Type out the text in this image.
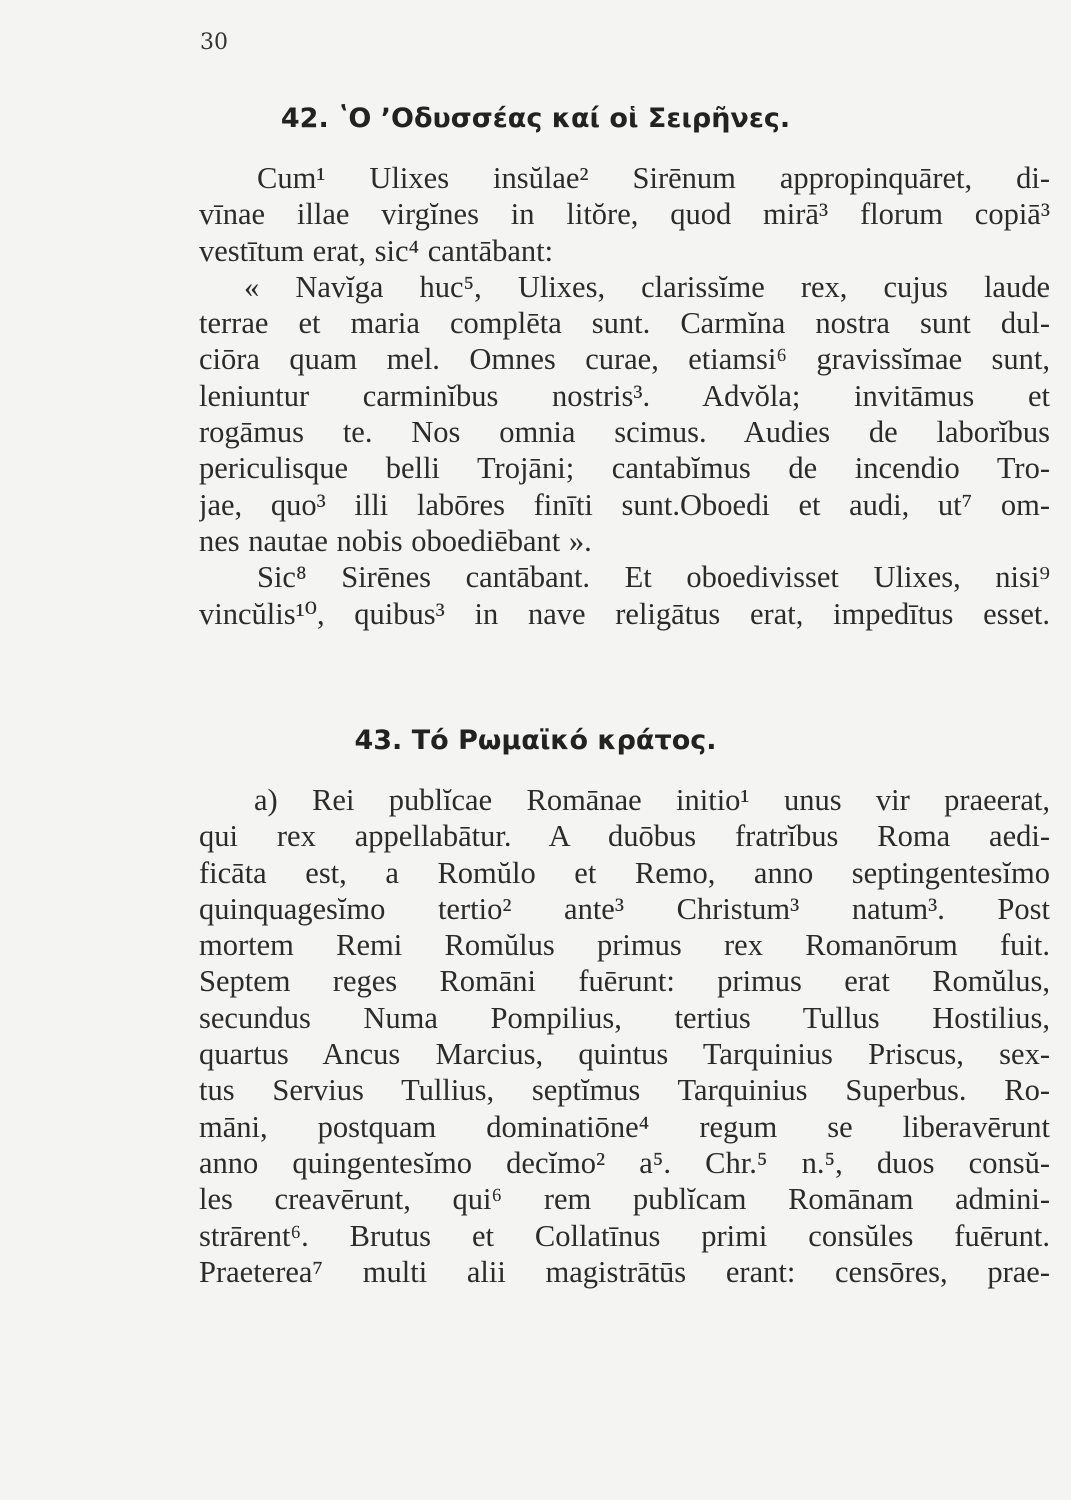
30
42. ʽΟ ʼΟδυσσέας καί οἱ Σειρῆνες.
Cum¹ Ulixes insŭlae² Sirēnum appropinquāret, di-
vīnae illae virgĭnes in litŏre, quod mirā³ florum copiā³
vestītum erat, sic⁴ cantābant:
« Navĭga huc⁵, Ulixes, clarissĭme rex, cujus laude
terrae et maria complēta sunt. Carmĭna nostra sunt dul-
ciōra quam mel. Omnes curae, etiamsi⁶ gravissĭmae sunt,
leniuntur carminĭbus nostris³. Advŏla; invitāmus et
rogāmus te. Nos omnia scimus. Audies de laborĭbus
periculisque belli Trojāni; cantabĭmus de incendio Tro-
jae, quo³ illi labōres finīti sunt.Oboedi et audi, ut⁷ om-
nes nautae nobis oboediēbant ».
Sic⁸ Sirēnes cantābant. Et oboedivisset Ulixes, nisi⁹
vincŭlis¹⁰, quibus³ in nave religātus erat, impedītus esset.
43. Τό Ρωμαϊκό κράτος.
a) Rei publĭcae Romānae initio¹ unus vir praeerat,
qui rex appellabātur. A duōbus fratrĭbus Roma aedi-
ficāta est, a Romŭlo et Remo, anno septingentesĭmo
quinquagesĭmo tertio² ante³ Christum³ natum³. Post
mortem Remi Romŭlus primus rex Romanōrum fuit.
Septem reges Romāni fuērunt: primus erat Romŭlus,
secundus Numa Pompilius, tertius Tullus Hostilius,
quartus Ancus Marcius, quintus Tarquinius Priscus, sex-
tus Servius Tullius, septĭmus Tarquinius Superbus. Ro-
māni, postquam dominatiōne⁴ regum se liberavērunt
anno quingentesĭmo decĭmo² a⁵. Chr.⁵ n.⁵, duos consŭ-
les creavērunt, qui⁶ rem publĭcam Romānam admini-
strārent⁶. Brutus et Collatīnus primi consŭles fuērunt.
Praeterea⁷ multi alii magistrātūs erant: censōres, prae-
